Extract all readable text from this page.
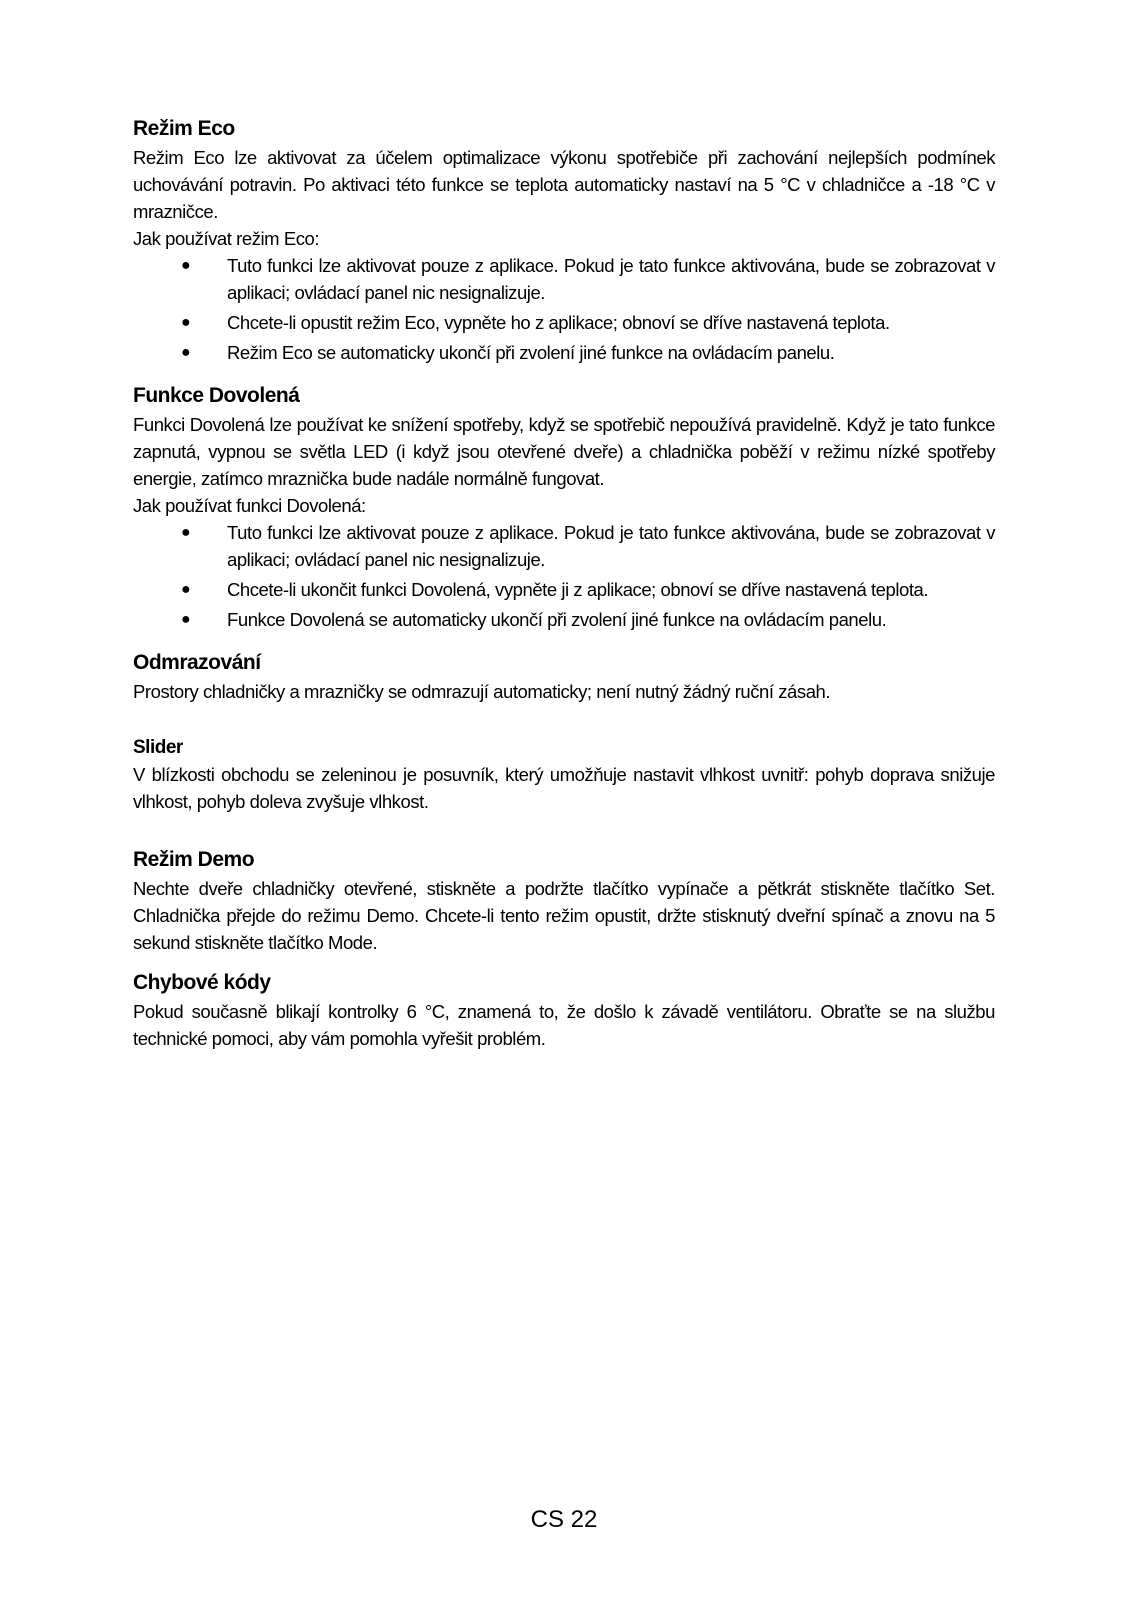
Režim Eco

Režim Eco lze aktivovat za účelem optimalizace výkonu spotřebiče při zachování nejlepších podmínek uchovávání potravin. Po aktivaci této funkce se teplota automaticky nastaví na 5 °C v chladničce a -18 °C v mrazničce.

Jak používat režim Eco:

● Tuto funkci lze aktivovat pouze z aplikace. Pokud je tato funkce aktivována, bude se zobrazovat v aplikaci; ovládací panel nic nesignalizuje.
● Chcete-li opustit režim Eco, vypněte ho z aplikace; obnoví se dříve nastavená teplota.
● Režim Eco se automaticky ukončí při zvolení jiné funkce na ovládacím panelu.
Funkce Dovolená

Funkci Dovolená lze používat ke snížení spotřeby, když se spotřebič nepoužívá pravidelně. Když je tato funkce zapnutá, vypnou se světla LED (i když jsou otevřené dveře) a chladnička poběží v režimu nízké spotřeby energie, zatímco mraznička bude nadále normálně fungovat.

Jak používat funkci Dovolená:

● Tuto funkci lze aktivovat pouze z aplikace. Pokud je tato funkce aktivována, bude se zobrazovat v aplikaci; ovládací panel nic nesignalizuje.
● Chcete-li ukončit funkci Dovolená, vypněte ji z aplikace; obnoví se dříve nastavená teplota.
● Funkce Dovolená se automaticky ukončí při zvolení jiné funkce na ovládacím panelu.
Odmrazování

Prostory chladničky a mrazničky se odmrazují automaticky; není nutný žádný ruční zásah.

Slider

V blízkosti obchodu se zeleninou je posuvník, který umožňuje nastavit vlhkost uvnitř: pohyb doprava snižuje vlhkost, pohyb doleva zvyšuje vlhkost.

Režim Demo

Nechte dveře chladničky otevřené, stiskněte a podržte tlačítko vypínače a pětkrát stiskněte tlačítko Set. Chladnička přejde do režimu Demo. Chcete-li tento režim opustit, držte stisknutý dveřní spínač a znovu na 5 sekund stiskněte tlačítko Mode.

Chybové kódy

Pokud současně blikají kontrolky 6 °C, znamená to, že došlo k závadě ventilátoru. Obraťte se na službu technické pomoci, aby vám pomohla vyřešit problém.

CS 22
